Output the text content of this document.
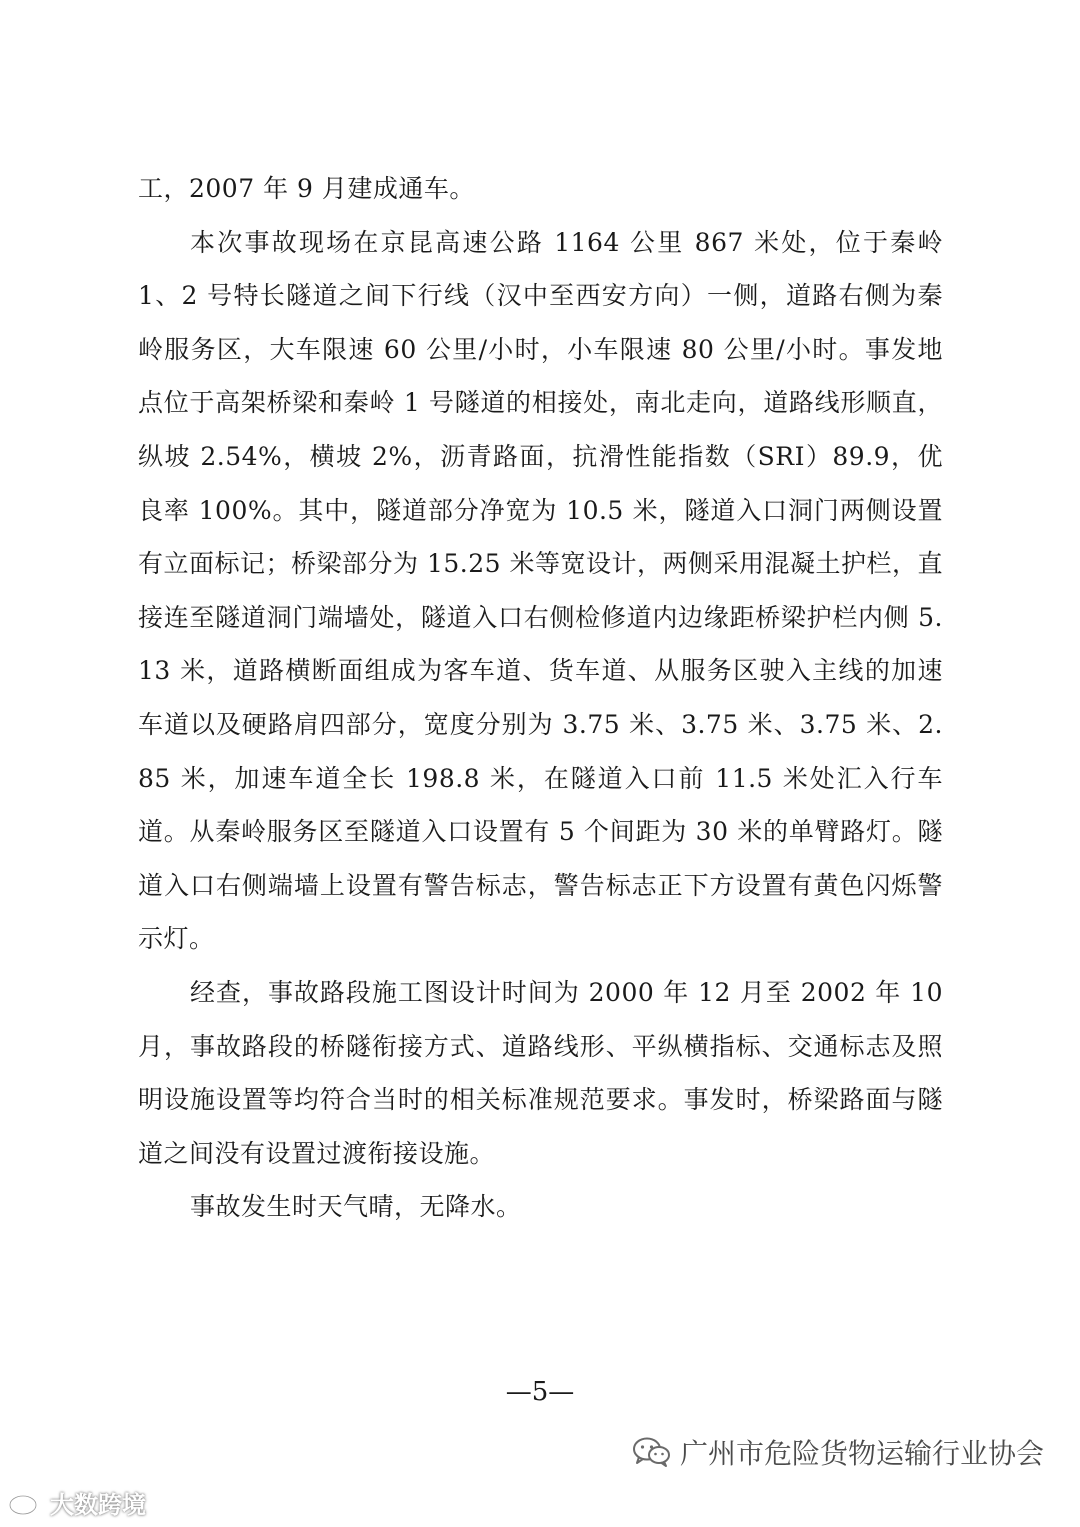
工，2007 年 9 月建成通车。

本次事故现场在京昆高速公路 1164 公里 867 米处，位于秦岭 1、2 号特长隧道之间下行线（汉中至西安方向）一侧，道路右侧为秦岭服务区，大车限速 60 公里/小时，小车限速 80 公里/小时。事发地点位于高架桥梁和秦岭 1 号隧道的相接处，南北走向，道路线形顺直，纵坡 2.54%，横坡 2%，沥青路面，抗滑性能指数（SRI）89.9，优良率 100%。其中，隧道部分净宽为 10.5 米，隧道入口洞门两侧设置有立面标记；桥梁部分为 15.25 米等宽设计，两侧采用混凝土护栏，直接连至隧道洞门端墙处，隧道入口右侧检修道内边缘距桥梁护栏内侧 5.13 米，道路横断面组成为客车道、货车道、从服务区驶入主线的加速车道以及硬路肩四部分，宽度分别为 3.75 米、3.75 米、3.75 米、2.85 米，加速车道全长 198.8 米，在隧道入口前 11.5 米处汇入行车道。从秦岭服务区至隧道入口设置有 5 个间距为 30 米的单臂路灯。隧道入口右侧端墙上设置有警告标志，警告标志正下方设置有黄色闪烁警示灯。

经查，事故路段施工图设计时间为 2000 年 12 月至 2002 年 10 月，事故路段的桥隧衔接方式、道路线形、平纵横指标、交通标志及照明设施设置等均符合当时的相关标准规范要求。事发时，桥梁路面与隧道之间没有设置过渡衔接设施。

事故发生时天气晴，无降水。

—5—
广州市危险货物运输行业协会
大数跨境
